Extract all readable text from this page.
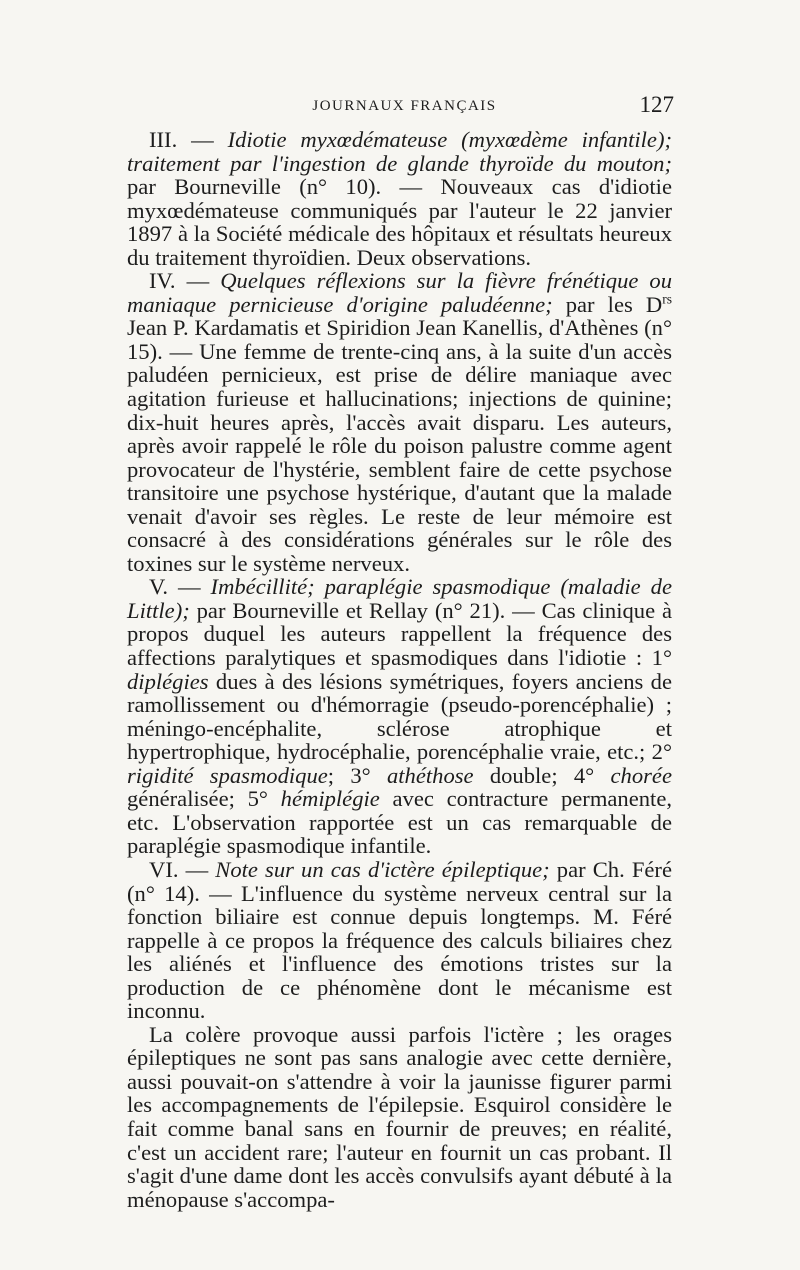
JOURNAUX FRANÇAIS	127

III. — Idiotie myxœdémateuse (myxœdème infantile); traitement par l'ingestion de glande thyroïde du mouton; par Bourneville (n° 10). — Nouveaux cas d'idiotie myxœdémateuse communiqués par l'auteur le 22 janvier 1897 à la Société médicale des hôpitaux et résultats heureux du traitement thyroïdien. Deux observations.

IV. — Quelques réflexions sur la fièvre frénétique ou maniaque pernicieuse d'origine paludéenne; par les $D^{rs}$ Jean P. Kardamatis et Spiridion Jean Kanellis, d'Athènes (n° 15). — Une femme de trente-cinq ans, à la suite d'un accès paludéen pernicieux, est prise de délire maniaque avec agitation furieuse et hallucinations; injections de quinine; dix-huit heures après, l'accès avait disparu. Les auteurs, après avoir rappelé le rôle du poison palustre comme agent provocateur de l'hystérie, semblent faire de cette psychose transitoire une psychose hystérique, d'autant que la malade venait d'avoir ses règles. Le reste de leur mémoire est consacré à des considérations générales sur le rôle des toxines sur le système nerveux.

V. — Imbécillité; paraplégie spasmodique (maladie de Little); par Bourneville et Rellay (n° 21). — Cas clinique à propos duquel les auteurs rappellent la fréquence des affections paralytiques et spasmodiques dans l'idiotie : 1° diplégies dues à des lésions symétriques, foyers anciens de ramollissement ou d'hémorragie (pseudo-porencéphalie) ; méningo-encéphalite, sclérose atrophique et hypertrophique, hydrocéphalie, porencéphalie vraie, etc.; 2° rigidité spasmodique; 3° athéthose double; 4° chorée généralisée; 5° hémiplégie avec contracture permanente, etc. L'observation rapportée est un cas remarquable de paraplégie spasmodique infantile.

VI. — Note sur un cas d'ictère épileptique; par Ch. Féré (n° 14). — L'influence du système nerveux central sur la fonction biliaire est connue depuis longtemps. M. Féré rappelle à ce propos la fréquence des calculs biliaires chez les aliénés et l'influence des émotions tristes sur la production de ce phénomène dont le mécanisme est inconnu.

La colère provoque aussi parfois l'ictère ; les orages épileptiques ne sont pas sans analogie avec cette dernière, aussi pouvait-on s'attendre à voir la jaunisse figurer parmi les accompagnements de l'épilepsie. Esquirol considère le fait comme banal sans en fournir de preuves; en réalité, c'est un accident rare; l'auteur en fournit un cas probant. Il s'agit d'une dame dont les accès convulsifs ayant débuté à la ménopause s'accompa-
